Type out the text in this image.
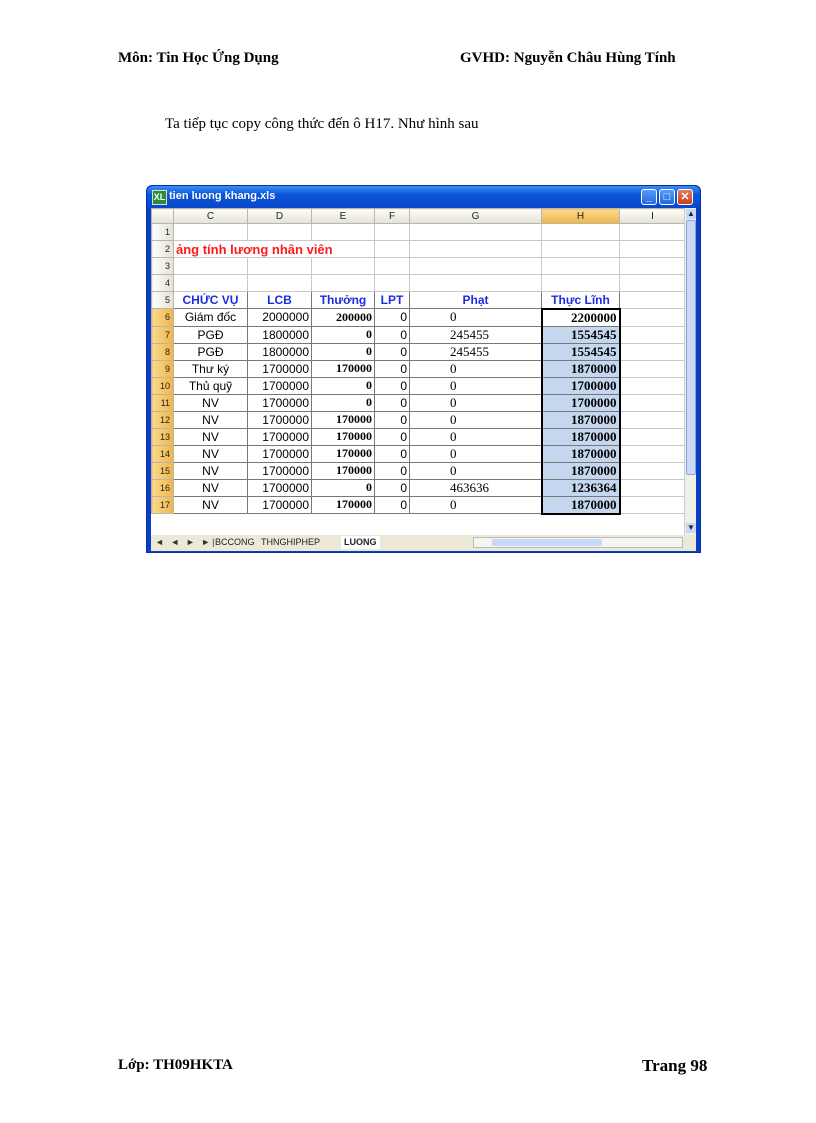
Môn: Tin Học Ứng Dụng	GVHD: Nguyễn Châu Hùng Tính
Ta tiếp tục copy công thức đến ô H17. Như hình sau
XL tien luong khang.xls	_	□ ✕
	C	D	E	F	G	H	I
1							
2	ảng tính lương nhân viên						
3							
4							
5	CHỨC VỤ	LCB	Thưởng	LPT	Phạt	Thực Lĩnh	
6	Giám đốc	2000000	200000	0	0	2200000	
7	PGĐ	1800000	0	0	245455	1554545	
8	PGĐ	1800000	0	0	245455	1554545	
9	Thư ký	1700000	170000	0	0	1870000	
10	Thủ quỹ	1700000	0	0	0	1700000	
11	NV	1700000	0	0	0	1700000	
12	NV	1700000	170000	0	0	1870000	
13	NV	1700000	170000	0	0	1870000	
14	NV	1700000	170000	0	0	1870000	
15	NV	1700000	170000	0	0	1870000	
16	NV	1700000	0	0	463636	1236364	
17	NV	1700000	170000	0	0	1870000	
▲
▼
◄ ◄ ► ►|
BCCONG THNGHIPHEP	LUONG
Lớp: TH09HKTA	Trang 98
